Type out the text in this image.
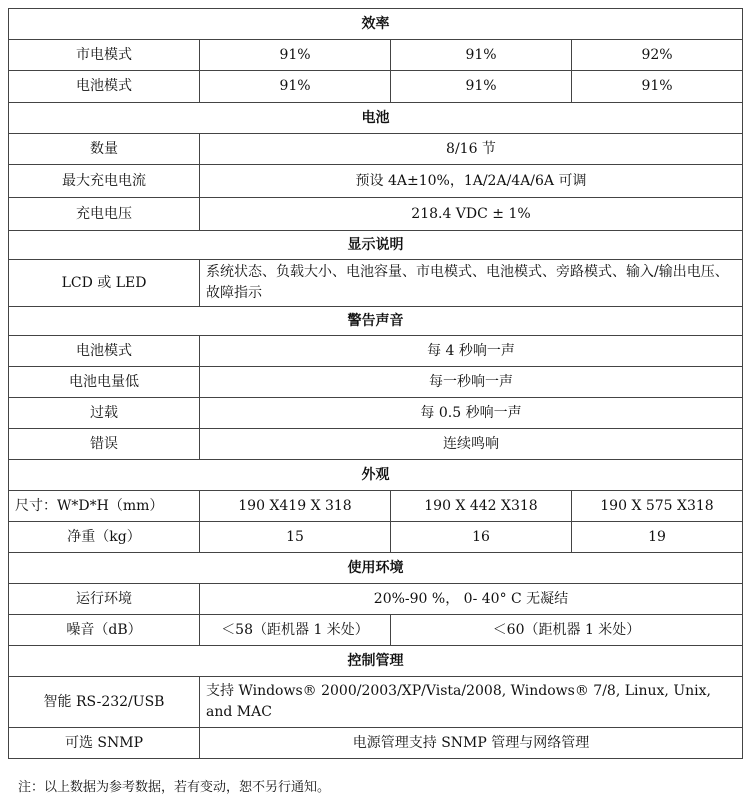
效率			
市电模式	91%	91%	92%
电池模式	91%	91%	91%
电池			
数量	8/16 节		
最大充电电流	预设 4A±10%，1A/2A/4A/6A 可调		
充电电压	218.4 VDC ± 1%		
显示说明			
LCD 或 LED	系统状态、负载大小、电池容量、市电模式、电池模式、旁路模式、输入/输出电压、故障指示		
警告声音			
电池模式	每 4 秒响一声		
电池电量低	每一秒响一声		
过载	每 0.5 秒响一声		
错误	连续鸣响		
外观			
尺寸：W*D*H（mm）	190 X419 X 318	190 X 442 X318	190 X 575 X318
净重（kg）	15	16	19
使用环境			
运行环境	20%-90 %， 0- 40° C 无凝结		
噪音（dB）	＜58（距机器 1 米处）	＜60（距机器 1 米处）	
控制管理			
智能 RS-232/USB	支持 Windows® 2000/2003/XP/Vista/2008, Windows® 7/8, Linux, Unix, and MAC		
可选 SNMP	电源管理支持 SNMP 管理与网络管理		
注：以上数据为参考数据，若有变动，恕不另行通知。
